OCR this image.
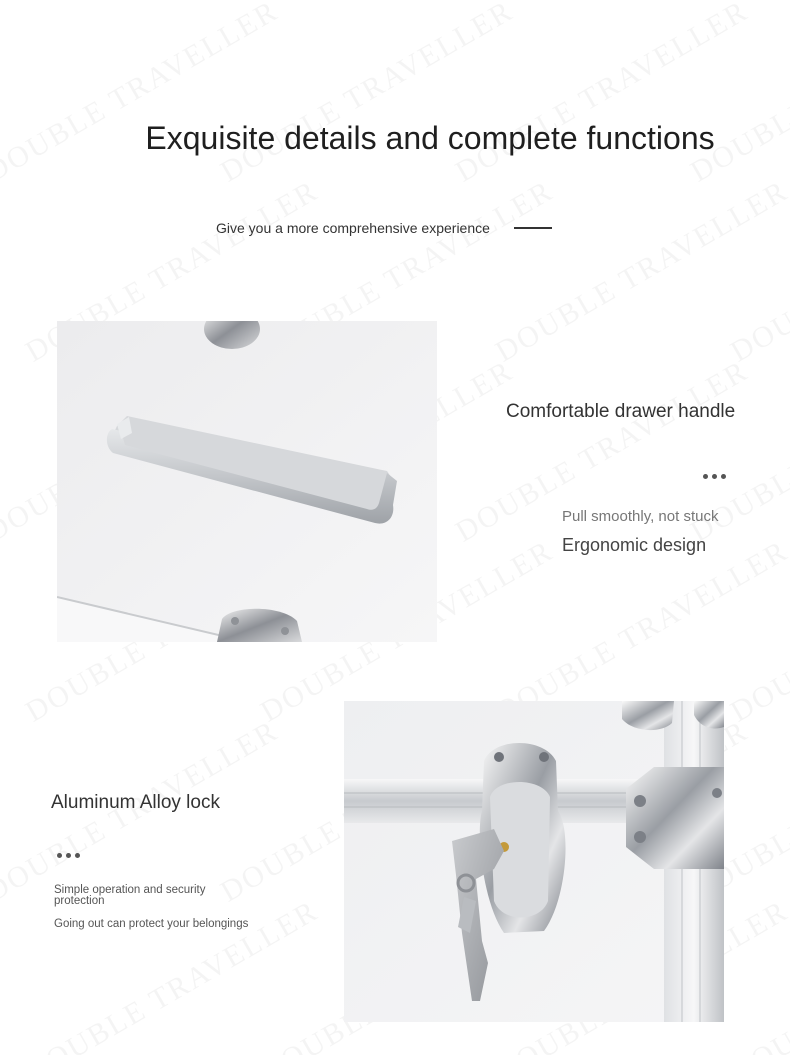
Exquisite details and complete functions
Give you a more comprehensive experience
Comfortable drawer handle
Pull smoothly, not stuck
Ergonomic design
Aluminum Alloy lock
Simple operation and security protection
Going out can protect your belongings
